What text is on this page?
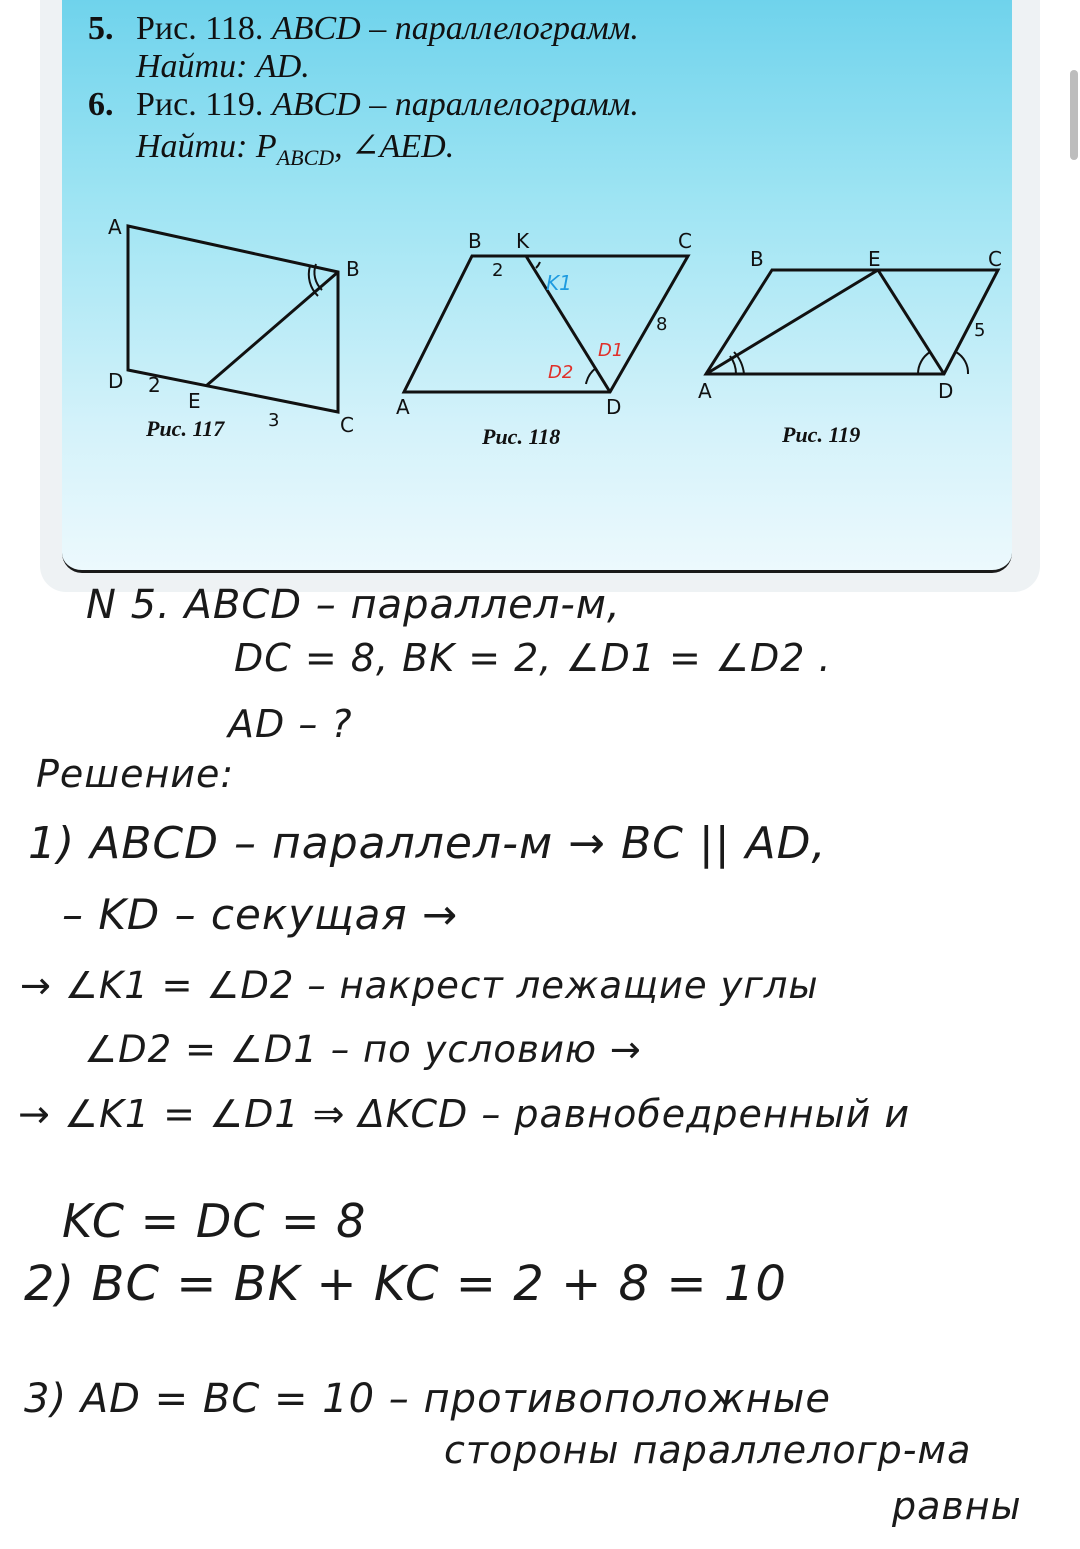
5. Рис. 118. ABCD – параллелограмм.
Найти: AD.
6. Рис. 119. ABCD – параллелограмм.
Найти: $P_{ABCD}$, ∠AED.
A
B
C
D
E
2
3
Рис. 117
B K	C
A	D
2
8
K1
D1
D2
Рис. 118
B	E	C
A	D
5
Рис. 119
N 5. ABCD – параллел-м,
DC = 8, BK = 2, ∠D1 = ∠D2 .
AD – ?
Решение:
1) ABCD – параллел-м → BC || AD,
– KD – секущая →
→ ∠K1 = ∠D2 – накрест лежащие углы
∠D2 = ∠D1 – по условию →
→ ∠K1 = ∠D1 ⇒ ΔKCD – равнобедренный и
KC = DC = 8
2) BC = BK + KC = 2 + 8 = 10
3) AD = BC = 10 – противоположные
стороны параллелогр-ма
равны
